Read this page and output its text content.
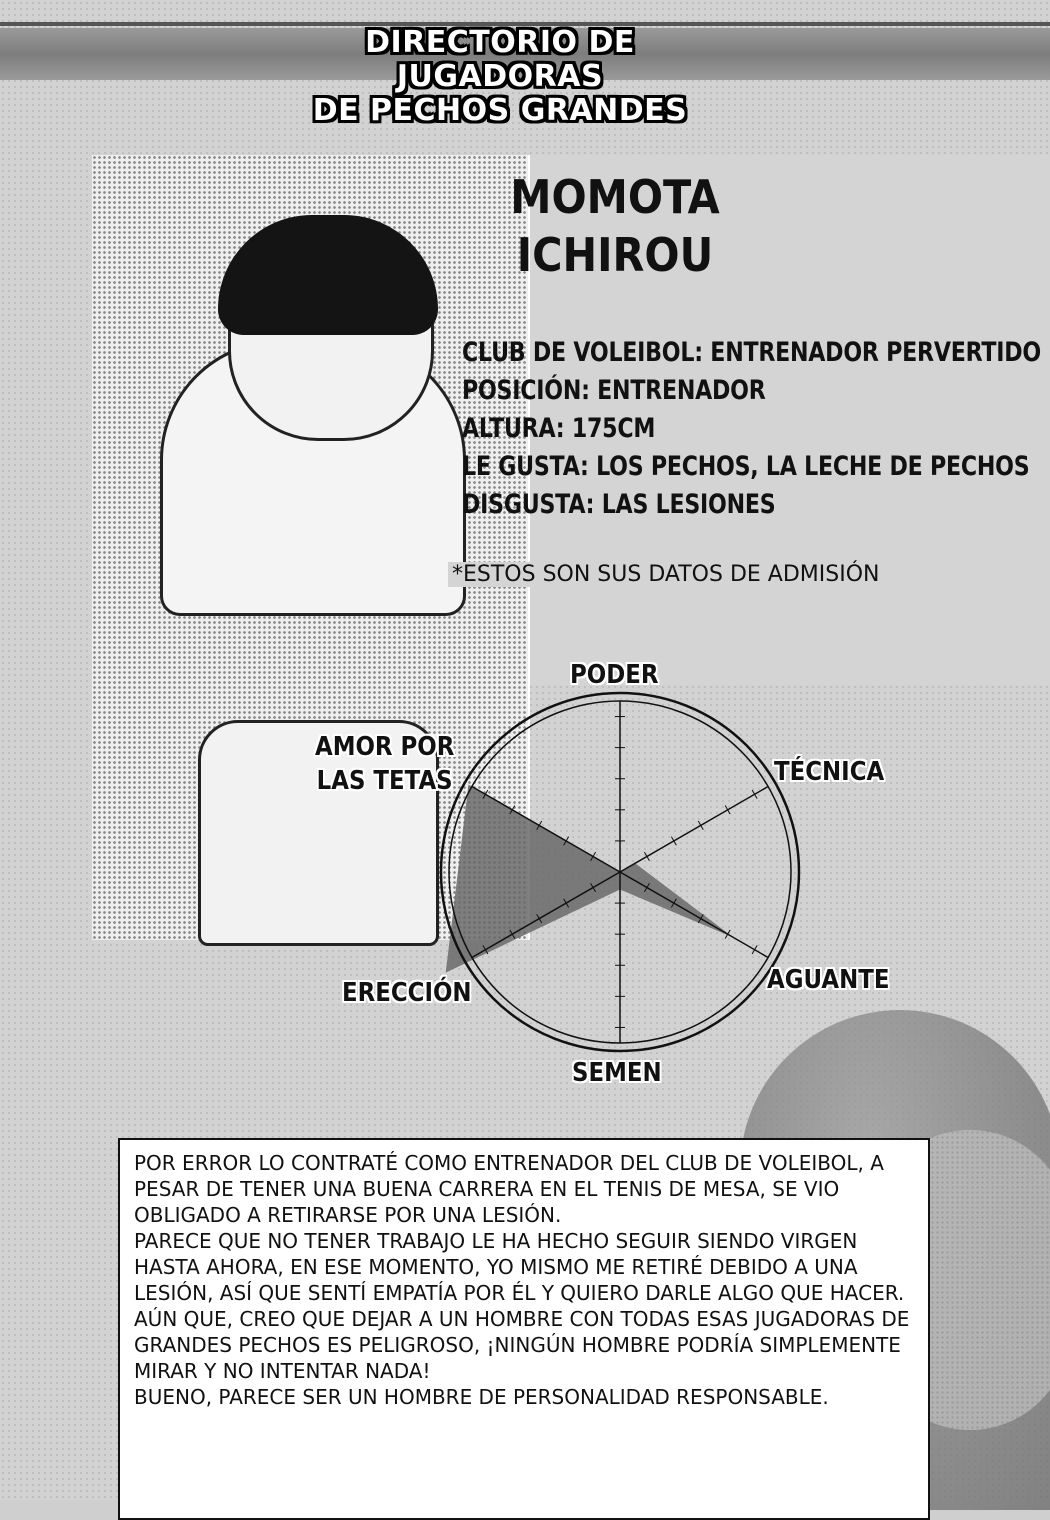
DIRECTORIO DE JUGADORAS
DE PECHOS GRANDES
MOMOTA
ICHIROU
CLUB DE VOLEIBOL: ENTRENADOR PERVERTIDO
POSICIÓN: ENTRENADOR
ALTURA: 175CM
LE GUSTA: LOS PECHOS, LA LECHE DE PECHOS
DISGUSTA: LAS LESIONES
*ESTOS SON SUS DATOS DE ADMISIÓN
PODER
TÉCNICA
AGUANTE
SEMEN
ERECCIÓN
AMOR POR
LAS TETAS

POR ERROR LO CONTRATÉ COMO ENTRENADOR DEL CLUB DE VOLEIBOL, A PESAR DE TENER UNA BUENA CARRERA EN EL TENIS DE MESA, SE VIO OBLIGADO A RETIRARSE POR UNA LESIÓN.

PARECE QUE NO TENER TRABAJO LE HA HECHO SEGUIR SIENDO VIRGEN HASTA AHORA, EN ESE MOMENTO, YO MISMO ME RETIRÉ DEBIDO A UNA LESIÓN, ASÍ QUE SENTÍ EMPATÍA POR ÉL Y QUIERO DARLE ALGO QUE HACER.

AÚN QUE, CREO QUE DEJAR A UN HOMBRE CON TODAS ESAS JUGADORAS DE GRANDES PECHOS ES PELIGROSO, ¡NINGÚN HOMBRE PODRÍA SIMPLEMENTE MIRAR Y NO INTENTAR NADA!

BUENO, PARECE SER UN HOMBRE DE PERSONALIDAD RESPONSABLE.
